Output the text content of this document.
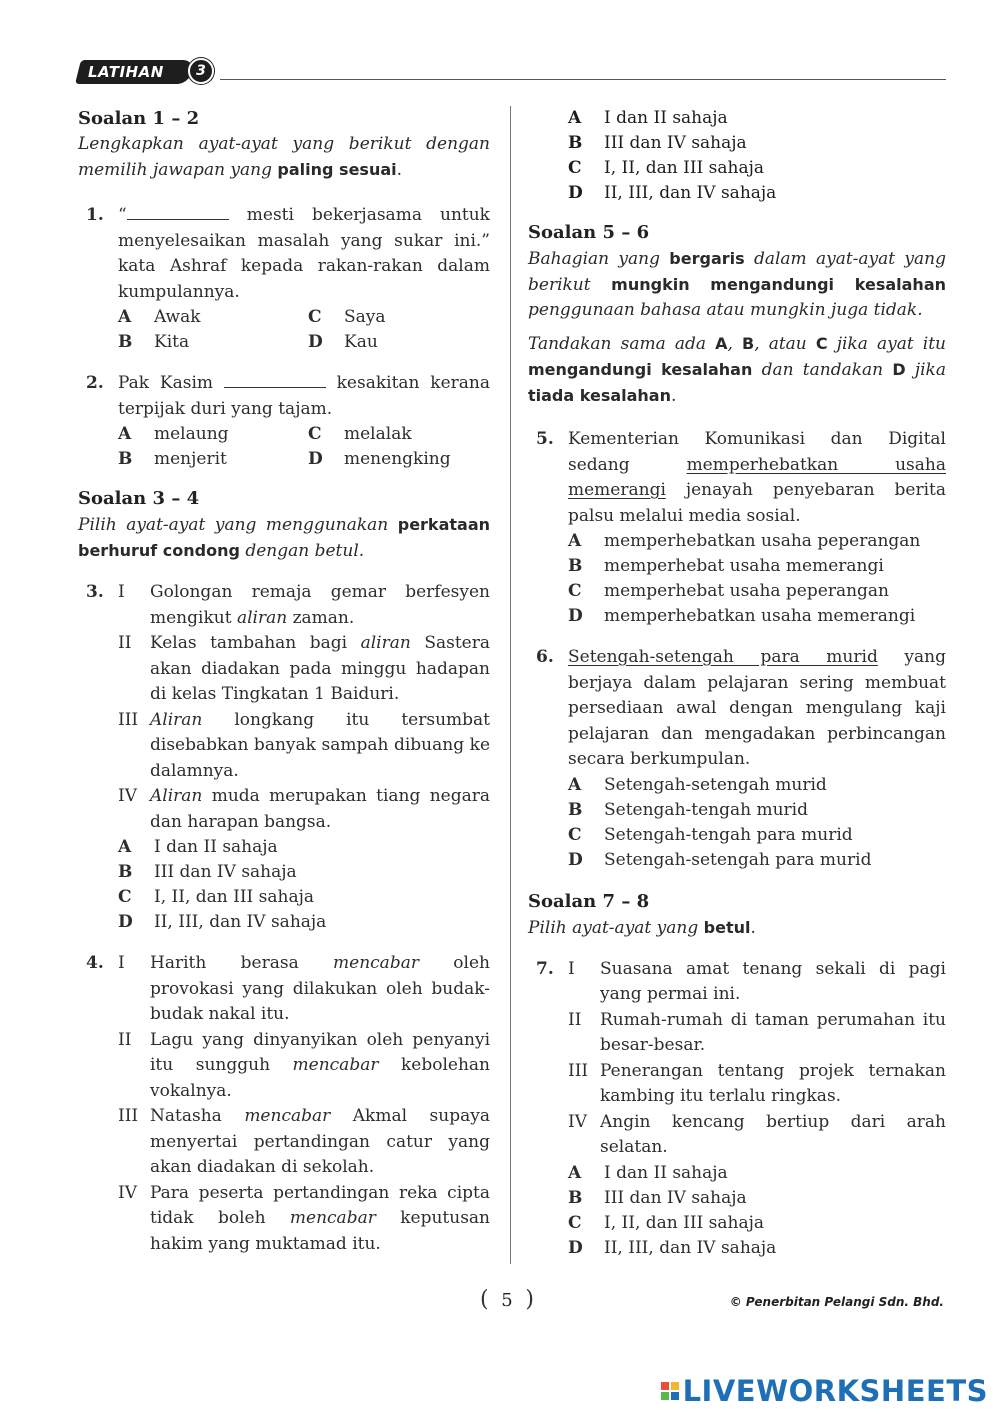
LATIHAN	3
Soalan 1 – 2
Lengkapkan ayat-ayat yang berikut dengan memilih jawapan yang paling sesuai.
1. “	mesti bekerjasama untuk menyelesaikan masalah yang sukar ini.” kata Ashraf kepada rakan-rakan dalam kumpulannya.
A	Awak	C	Saya
B	Kita	D	Kau
2. Pak Kasim	kesakitan kerana terpijak duri yang tajam.
A	melaung	C	melalak
B	menjerit	D	menengking
Soalan 3 – 4
Pilih ayat-ayat yang menggunakan perkataan berhuruf condong dengan betul.
3. I	Golongan remaja gemar berfesyen mengikut aliran zaman.
II	Kelas tambahan bagi aliran Sastera akan diadakan pada minggu hadapan di kelas Tingkatan 1 Baiduri.
III Aliran longkang itu tersumbat disebabkan banyak sampah dibuang ke dalamnya.
IV Aliran muda merupakan tiang negara dan harapan bangsa.
A	I dan II sahaja
B	III dan IV sahaja
C	I, II, dan III sahaja
D	II, III, dan IV sahaja
4. I	Harith berasa mencabar oleh provokasi yang dilakukan oleh budak-budak nakal itu.
II	Lagu yang dinyanyikan oleh penyanyi itu sungguh mencabar kebolehan vokalnya.
III Natasha mencabar Akmal supaya menyertai pertandingan catur yang akan diadakan di sekolah.
IV Para peserta pertandingan reka cipta tidak boleh mencabar keputusan hakim yang muktamad itu.
A	I dan II sahaja
B	III dan IV sahaja
C	I, II, dan III sahaja
D	II, III, dan IV sahaja
Soalan 5 – 6
Bahagian yang bergaris dalam ayat-ayat yang berikut mungkin mengandungi kesalahan penggunaan bahasa atau mungkin juga tidak.
Tandakan sama ada A, B, atau C jika ayat itu mengandungi kesalahan dan tandakan D jika tiada kesalahan.
5. Kementerian Komunikasi dan Digital sedang memperhebatkan usaha memerangi jenayah penyebaran berita palsu melalui media sosial.
A	memperhebatkan usaha peperangan
B	memperhebat usaha memerangi
C	memperhebat usaha peperangan
D	memperhebatkan usaha memerangi
6. Setengah-setengah para murid yang berjaya dalam pelajaran sering membuat persediaan awal dengan mengulang kaji pelajaran dan mengadakan perbincangan secara berkumpulan.
A	Setengah-setengah murid
B	Setengah-tengah murid
C	Setengah-tengah para murid
D	Setengah-setengah para murid
Soalan 7 – 8
Pilih ayat-ayat yang betul.
7. I	Suasana amat tenang sekali di pagi yang permai ini.
II	Rumah-rumah di taman perumahan itu besar-besar.
III Penerangan tentang projek ternakan kambing itu terlalu ringkas.
IV Angin kencang bertiup dari arah selatan.
A	I dan II sahaja
B	III dan IV sahaja
C	I, II, dan III sahaja
D	II, III, dan IV sahaja
( 5 )	© Penerbitan Pelangi Sdn. Bhd.
LIVEWORKSHEETS
